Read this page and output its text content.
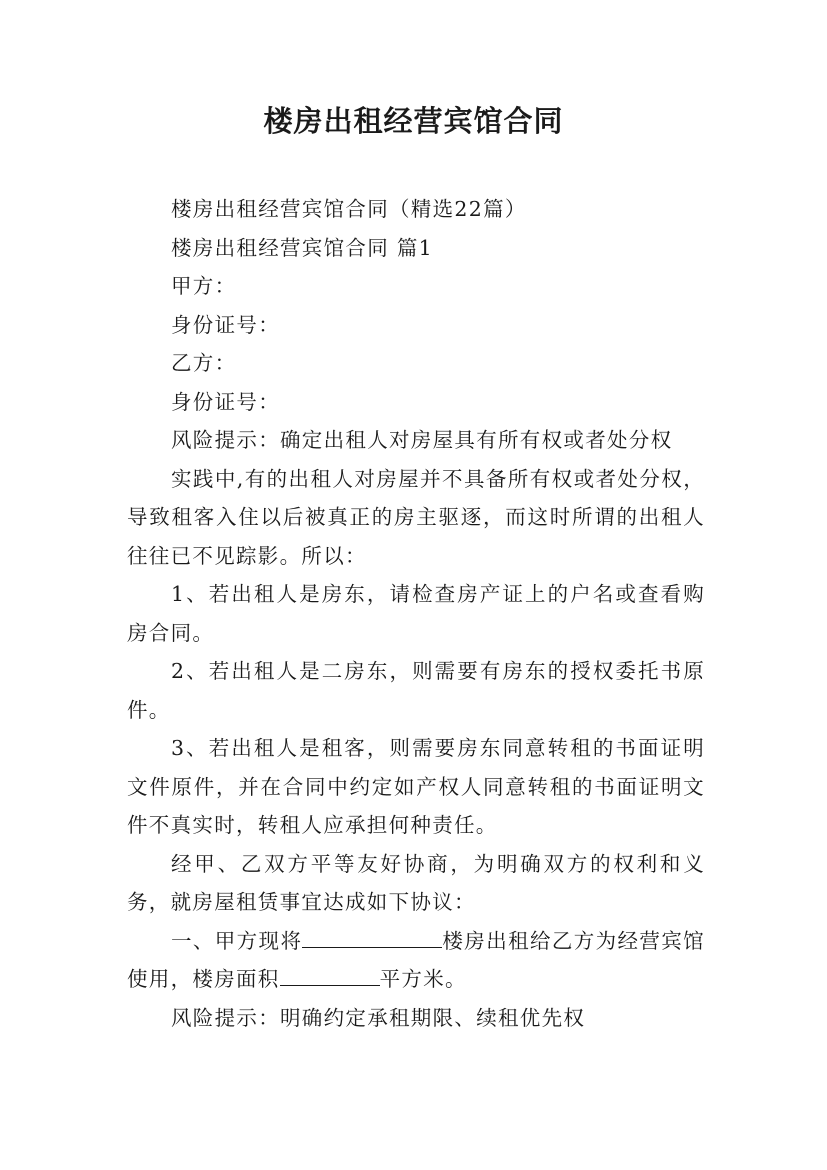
楼房出租经营宾馆合同

楼房出租经营宾馆合同（精选22篇）

楼房出租经营宾馆合同 篇1

甲方：

身份证号：

乙方：

身份证号：

风险提示：确定出租人对房屋具有所有权或者处分权

实践中,有的出租人对房屋并不具备所有权或者处分权，导致租客入住以后被真正的房主驱逐，而这时所谓的出租人往往已不见踪影。所以：

1、若出租人是房东，请检查房产证上的户名或查看购房合同。

2、若出租人是二房东，则需要有房东的授权委托书原件。

3、若出租人是租客，则需要房东同意转租的书面证明文件原件，并在合同中约定如产权人同意转租的书面证明文件不真实时，转租人应承担何种责任。

经甲、乙双方平等友好协商，为明确双方的权利和义务，就房屋租赁事宜达成如下协议：

一、甲方现将	楼房出租给乙方为经营宾馆使用，楼房面积	平方米。

风险提示：明确约定承租期限、续租优先权
